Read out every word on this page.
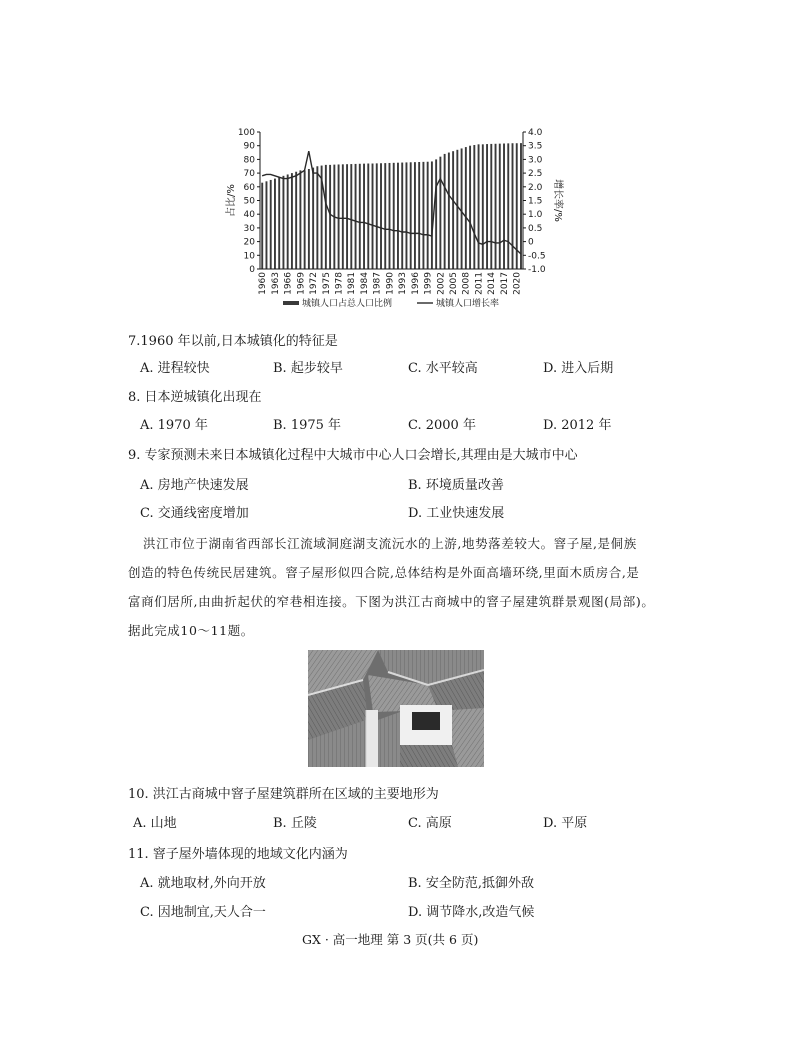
0
10
20
30
40
50
60
70
80
90
100
-1.0
-0.5
0
0.5
1.0
1.5
2.0
2.5
3.0
3.5
4.0
占比/%	增长率/%
1960 1963 1966 1969 1972 1975 1978 1981 1984 1987 1990 1993 1996 1999 2002 2005 2008 2011 2014 2017 2020
城镇人口占总人口比例	城镇人口增长率
7.1960 年以前,日本城镇化的特征是
A. 进程较快	B. 起步较早	C. 水平较高	D. 进入后期
8. 日本逆城镇化出现在
A. 1970 年	B. 1975 年	C. 2000 年	D. 2012 年
9. 专家预测未来日本城镇化过程中大城市中心人口会增长,其理由是大城市中心
A. 房地产快速发展	B. 环境质量改善
C. 交通线密度增加	D. 工业快速发展
洪江市位于湖南省西部长江流域洞庭湖支流沅水的上游,地势落差较大。窨子屋,是侗族
创造的特色传统民居建筑。窨子屋形似四合院,总体结构是外面高墙环绕,里面木质房合,是
富商们居所,由曲折起伏的窄巷相连接。下图为洪江古商城中的窨子屋建筑群景观图(局部)。
据此完成10～11题。
10. 洪江古商城中窨子屋建筑群所在区域的主要地形为
A. 山地	B. 丘陵	C. 高原	D. 平原
11. 窨子屋外墙体现的地域文化内涵为
A. 就地取材,外向开放	B. 安全防范,抵御外敌
C. 因地制宜,天人合一	D. 调节降水,改造气候
GX · 高一地理 第 3 页(共 6 页)
